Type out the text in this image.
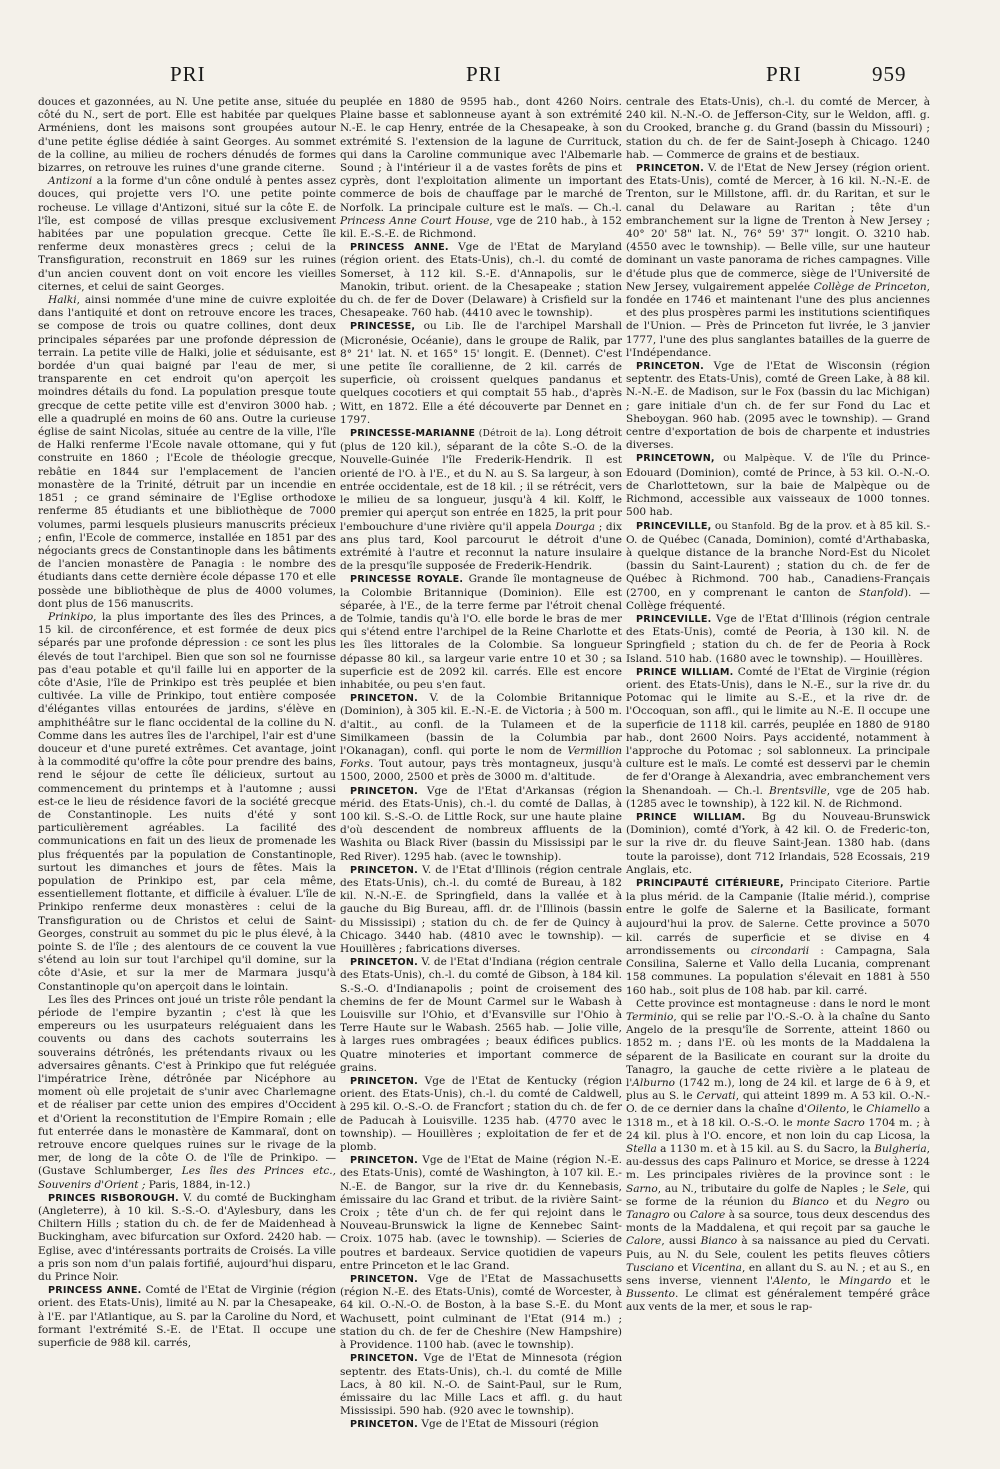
PRI	PRI	PRI	959

douces et gazonnées, au N. Une petite anse, située du côté du N., sert de port. Elle est habitée par quelques Arméniens, dont les maisons sont groupées autour d'une petite église dédiée à saint Georges. Au sommet de la colline, au milieu de rochers dénudés de formes bizarres, on retrouve les ruines d'une grande citerne.

Antizoni a la forme d'un cône ondulé à pentes assez douces, qui projette vers l'O. une petite pointe rocheuse. Le village d'Antizoni, situé sur la côte E. de l'île, est composé de villas presque exclusivement habitées par une population grecque. Cette île renferme deux monastères grecs ; celui de la Transfiguration, reconstruit en 1869 sur les ruines d'un ancien couvent dont on voit encore les vieilles citernes, et celui de saint Georges.

Halki, ainsi nommée d'une mine de cuivre exploitée dans l'antiquité et dont on retrouve encore les traces, se compose de trois ou quatre collines, dont deux principales séparées par une profonde dépression de terrain. La petite ville de Halki, jolie et séduisante, est bordée d'un quai baigné par l'eau de mer, si transparente en cet endroit qu'on aperçoit les moindres détails du fond. La population presque toute grecque de cette petite ville est d'environ 3000 hab. ; elle a quadruplé en moins de 60 ans. Outre la curieuse église de saint Nicolas, située au centre de la ville, l'île de Halki renferme l'Ecole navale ottomane, qui y fut construite en 1860 ; l'Ecole de théologie grecque, rebâtie en 1844 sur l'emplacement de l'ancien monastère de la Trinité, détruit par un incendie en 1851 ; ce grand séminaire de l'Eglise orthodoxe renferme 85 étudiants et une bibliothèque de 7000 volumes, parmi lesquels plusieurs manuscrits précieux ; enfin, l'Ecole de commerce, installée en 1851 par des négociants grecs de Constantinople dans les bâtiments de l'ancien monastère de Panagia : le nombre des étudiants dans cette dernière école dépasse 170 et elle possède une bibliothèque de plus de 4000 volumes, dont plus de 156 manuscrits.

Prinkipo, la plus importante des îles des Princes, a 15 kil. de circonférence, et est formée de deux pics séparés par une profonde dépression : ce sont les plus élevés de tout l'archipel. Bien que son sol ne fournisse pas d'eau potable et qu'il faille lui en apporter de la côte d'Asie, l'île de Prinkipo est très peuplée et bien cultivée. La ville de Prinkipo, tout entière composée d'élégantes villas entourées de jardins, s'élève en amphithéâtre sur le flanc occidental de la colline du N. Comme dans les autres îles de l'archipel, l'air est d'une douceur et d'une pureté extrêmes. Cet avantage, joint à la commodité qu'offre la côte pour prendre des bains, rend le séjour de cette île délicieux, surtout au commencement du printemps et à l'automne ; aussi est-ce le lieu de résidence favori de la société grecque de Constantinople. Les nuits d'été y sont particulièrement agréables. La facilité des communications en fait un des lieux de promenade les plus fréquentés par la population de Constantinople, surtout les dimanches et jours de fêtes. Mais la population de Prinkipo est, par cela même, essentiellement flottante, et difficile à évaluer. L'île de Prinkipo renferme deux monastères : celui de la Transfiguration ou de Christos et celui de Saint-Georges, construit au sommet du pic le plus élevé, à la pointe S. de l'île ; des alentours de ce couvent la vue s'étend au loin sur tout l'archipel qu'il domine, sur la côte d'Asie, et sur la mer de Marmara jusqu'à Constantinople qu'on aperçoit dans le lointain.

Les îles des Princes ont joué un triste rôle pendant la période de l'empire byzantin ; c'est là que les empereurs ou les usurpateurs reléguaient dans les couvents ou dans des cachots souterrains les souverains détrônés, les prétendants rivaux ou les adversaires gênants. C'est à Prinkipo que fut reléguée l'impératrice Irène, détrônée par Nicéphore au moment où elle projetait de s'unir avec Charlemagne et de réaliser par cette union des empires d'Occident et d'Orient la reconstitution de l'Empire Romain ; elle fut enterrée dans le monastère de Kammaraï, dont on retrouve encore quelques ruines sur le rivage de la mer, de long de la côte O. de l'île de Prinkipo. — (Gustave Schlumberger, Les îles des Princes etc., Souvenirs d'Orient ; Paris, 1884, in-12.)

PRINCES RISBOROUGH. V. du comté de Buckingham (Angleterre), à 10 kil. S.-S.-O. d'Aylesbury, dans les Chiltern Hills ; station du ch. de fer de Maidenhead à Buckingham, avec bifurcation sur Oxford. 2420 hab. — Eglise, avec d'intéressants portraits de Croisés. La ville a pris son nom d'un palais fortifié, aujourd'hui disparu, du Prince Noir.

PRINCESS ANNE. Comté de l'Etat de Virginie (région orient. des Etats-Unis), limité au N. par la Chesapeake, à l'E. par l'Atlantique, au S. par la Caroline du Nord, et formant l'extrémité S.-E. de l'Etat. Il occupe une superficie de 988 kil. carrés,

peuplée en 1880 de 9595 hab., dont 4260 Noirs. Plaine basse et sablonneuse ayant à son extrémité N.-E. le cap Henry, entrée de la Chesapeake, à son extrémité S. l'extension de la lagune de Currituck, qui dans la Caroline communique avec l'Albemarle Sound ; à l'intérieur il a de vastes forêts de pins et cyprès, dont l'exploitation alimente un important commerce de bois de chauffage par le marché de Norfolk. La principale culture est le maïs. — Ch.-l. Princess Anne Court House, vge de 210 hab., à 152 kil. E.-S.-E. de Richmond.

PRINCESS ANNE. Vge de l'Etat de Maryland (région orient. des Etats-Unis), ch.-l. du comté de Somerset, à 112 kil. S.-E. d'Annapolis, sur le Manokin, tribut. orient. de la Chesapeake ; station du ch. de fer de Dover (Delaware) à Crisfield sur la Chesapeake. 760 hab. (4410 avec le township).

PRINCESSE, ou Lib. Ile de l'archipel Marshall (Micronésie, Océanie), dans le groupe de Ralik, par 8° 21' lat. N. et 165° 15' longit. E. (Dennet). C'est une petite île corallienne, de 2 kil. carrés de superficie, où croissent quelques pandanus et quelques cocotiers et qui comptait 55 hab., d'après Witt, en 1872. Elle a été découverte par Dennet en 1797.

PRINCESSE-MARIANNE (Détroit de la). Long détroit (plus de 120 kil.), séparant de la côte S.-O. de la Nouvelle-Guinée l'île Frederik-Hendrik. Il est orienté de l'O. à l'E., et du N. au S. Sa largeur, à son entrée occidentale, est de 18 kil. ; il se rétrécit, vers le milieu de sa longueur, jusqu'à 4 kil. Kolff, le premier qui aperçut son entrée en 1825, la prit pour l'embouchure d'une rivière qu'il appela Dourga ; dix ans plus tard, Kool parcourut le détroit d'une extrémité à l'autre et reconnut la nature insulaire de la presqu'île supposée de Frederik-Hendrik.

PRINCESSE ROYALE. Grande île montagneuse de la Colombie Britannique (Dominion). Elle est séparée, à l'E., de la terre ferme par l'étroit chenal de Tolmie, tandis qu'à l'O. elle borde le bras de mer qui s'étend entre l'archipel de la Reine Charlotte et les îles littorales de la Colombie. Sa longueur dépasse 80 kil., sa largeur varie entre 10 et 30 ; sa superficie est de 2092 kil. carrés. Elle est encore inhabitée, ou peu s'en faut.

PRINCETON. V. de la Colombie Britannique (Dominion), à 305 kil. E.-N.-E. de Victoria ; à 500 m. d'altit., au confl. de la Tulameen et de la Similkameen (bassin de la Columbia par l'Okanagan), confl. qui porte le nom de Vermillion Forks. Tout autour, pays très montagneux, jusqu'à 1500, 2000, 2500 et près de 3000 m. d'altitude.

PRINCETON. Vge de l'Etat d'Arkansas (région mérid. des Etats-Unis), ch.-l. du comté de Dallas, à 100 kil. S.-S.-O. de Little Rock, sur une haute plaine d'où descendent de nombreux affluents de la Washita ou Black River (bassin du Mississipi par le Red River). 1295 hab. (avec le township).

PRINCETON. V. de l'Etat d'Illinois (région centrale des Etats-Unis), ch.-l. du comté de Bureau, à 182 kil. N.-N.-E. de Springfield, dans la vallée et à gauche du Big Bureau, affl. dr. de l'Illinois (bassin du Mississipi) ; station du ch. de fer de Quincy à Chicago. 3440 hab. (4810 avec le township). — Houillères ; fabrications diverses.

PRINCETON. V. de l'Etat d'Indiana (région centrale des Etats-Unis), ch.-l. du comté de Gibson, à 184 kil. S.-S.-O. d'Indianapolis ; point de croisement des chemins de fer de Mount Carmel sur le Wabash à Louisville sur l'Ohio, et d'Evansville sur l'Ohio à Terre Haute sur le Wabash. 2565 hab. — Jolie ville, à larges rues ombragées ; beaux édifices publics. Quatre minoteries et important commerce de grains.

PRINCETON. Vge de l'Etat de Kentucky (région orient. des Etats-Unis), ch.-l. du comté de Caldwell, à 295 kil. O.-S.-O. de Francfort ; station du ch. de fer de Paducah à Louisville. 1235 hab. (4770 avec le township). — Houillères ; exploitation de fer et de plomb.

PRINCETON. Vge de l'Etat de Maine (région N.-E. des Etats-Unis), comté de Washington, à 107 kil. E.-N.-E. de Bangor, sur la rive dr. du Kennebasis, émissaire du lac Grand et tribut. de la rivière Saint-Croix ; tête d'un ch. de fer qui rejoint dans le Nouveau-Brunswick la ligne de Kennebec Saint-Croix. 1075 hab. (avec le township). — Scieries de poutres et bardeaux. Service quotidien de vapeurs entre Princeton et le lac Grand.

PRINCETON. Vge de l'Etat de Massachusetts (région N.-E. des Etats-Unis), comté de Worcester, à 64 kil. O.-N.-O. de Boston, à la base S.-E. du Mont Wachusett, point culminant de l'Etat (914 m.) ; station du ch. de fer de Cheshire (New Hampshire) à Providence. 1100 hab. (avec le township).

PRINCETON. Vge de l'Etat de Minnesota (région septentr. des Etats-Unis), ch.-l. du comté de Mille Lacs, à 80 kil. N.-O. de Saint-Paul, sur le Rum, émissaire du lac Mille Lacs et affl. g. du haut Mississipi. 590 hab. (920 avec le township).

PRINCETON. Vge de l'Etat de Missouri (région

centrale des Etats-Unis), ch.-l. du comté de Mercer, à 240 kil. N.-N.-O. de Jefferson-City, sur le Weldon, affl. g. du Crooked, branche g. du Grand (bassin du Missouri) ; station du ch. de fer de Saint-Joseph à Chicago. 1240 hab. — Commerce de grains et de bestiaux.

PRINCETON. V. de l'Etat de New Jersey (région orient. des Etats-Unis), comté de Mercer, à 16 kil. N.-N.-E. de Trenton, sur le Millstone, affl. dr. du Raritan, et sur le canal du Delaware au Raritan ; tête d'un embranchement sur la ligne de Trenton à New Jersey ; 40° 20' 58" lat. N., 76° 59' 37" longit. O. 3210 hab. (4550 avec le township). — Belle ville, sur une hauteur dominant un vaste panorama de riches campagnes. Ville d'étude plus que de commerce, siège de l'Université de New Jersey, vulgairement appelée Collège de Princeton, fondée en 1746 et maintenant l'une des plus anciennes et des plus prospères parmi les institutions scientifiques de l'Union. — Près de Princeton fut livrée, le 3 janvier 1777, l'une des plus sanglantes batailles de la guerre de l'Indépendance.

PRINCETON. Vge de l'Etat de Wisconsin (région septentr. des Etats-Unis), comté de Green Lake, à 88 kil. N.-N.-E. de Madison, sur le Fox (bassin du lac Michigan) ; gare initiale d'un ch. de fer sur Fond du Lac et Sheboygan. 960 hab. (2095 avec le township). — Grand centre d'exportation de bois de charpente et industries diverses.

PRINCETOWN, ou Malpèque. V. de l'île du Prince-Edouard (Dominion), comté de Prince, à 53 kil. O.-N.-O. de Charlottetown, sur la baie de Malpèque ou de Richmond, accessible aux vaisseaux de 1000 tonnes. 500 hab.

PRINCEVILLE, ou Stanfold. Bg de la prov. et à 85 kil. S.-O. de Québec (Canada, Dominion), comté d'Arthabaska, à quelque distance de la branche Nord-Est du Nicolet (bassin du Saint-Laurent) ; station du ch. de fer de Québec à Richmond. 700 hab., Canadiens-Français (2700, en y comprenant le canton de Stanfold). — Collège fréquenté.

PRINCEVILLE. Vge de l'Etat d'Illinois (région centrale des Etats-Unis), comté de Peoria, à 130 kil. N. de Springfield ; station du ch. de fer de Peoria à Rock Island. 510 hab. (1680 avec le township). — Houillères.

PRINCE WILLIAM. Comté de l'Etat de Virginie (région orient. des Etats-Unis), dans le N.-E., sur la rive dr. du Potomac qui le limite au S.-E., et la rive dr. de l'Occoquan, son affl., qui le limite au N.-E. Il occupe une superficie de 1118 kil. carrés, peuplée en 1880 de 9180 hab., dont 2600 Noirs. Pays accidenté, notamment à l'approche du Potomac ; sol sablonneux. La principale culture est le maïs. Le comté est desservi par le chemin de fer d'Orange à Alexandria, avec embranchement vers la Shenandoah. — Ch.-l. Brentsville, vge de 205 hab. (1285 avec le township), à 122 kil. N. de Richmond.

PRINCE WILLIAM. Bg du Nouveau-Brunswick (Dominion), comté d'York, à 42 kil. O. de Frederic-ton, sur la rive dr. du fleuve Saint-Jean. 1380 hab. (dans toute la paroisse), dont 712 Irlandais, 528 Ecossais, 219 Anglais, etc.

PRINCIPAUTÉ CITÉRIEURE, Principato Citeriore. Partie la plus mérid. de la Campanie (Italie mérid.), comprise entre le golfe de Salerne et la Basilicate, formant aujourd'hui la prov. de Salerne. Cette province a 5070 kil. carrés de superficie et se divise en 4 arrondissements ou circondarii : Campagna, Sala Consilina, Salerne et Vallo della Lucania, comprenant 158 communes. La population s'élevait en 1881 à 550 160 hab., soit plus de 108 hab. par kil. carré.

Cette province est montagneuse : dans le nord le mont Terminio, qui se relie par l'O.-S.-O. à la chaîne du Santo Angelo de la presqu'île de Sorrente, atteint 1860 ou 1852 m. ; dans l'E. où les monts de la Maddalena la séparent de la Basilicate en courant sur la droite du Tanagro, la gauche de cette rivière a le plateau de l'Alburno (1742 m.), long de 24 kil. et large de 6 à 9, et plus au S. le Cervati, qui atteint 1899 m. A 53 kil. O.-N.-O. de ce dernier dans la chaîne d'Oilento, le Chiamello a 1318 m., et à 18 kil. O.-S.-O. le monte Sacro 1704 m. ; à 24 kil. plus à l'O. encore, et non loin du cap Licosa, la Stella a 1130 m. et à 15 kil. au S. du Sacro, la Bulgheria, au-dessus des caps Palinuro et Morice, se dresse à 1224 m. Les principales rivières de la province sont : le Sarno, au N., tributaire du golfe de Naples ; le Sele, qui se forme de la réunion du Bianco et du Negro ou Tanagro ou Calore à sa source, tous deux descendus des monts de la Maddalena, et qui reçoit par sa gauche le Calore, aussi Bianco à sa naissance au pied du Cervati. Puis, au N. du Sele, coulent les petits fleuves côtiers Tusciano et Vicentina, en allant du S. au N. ; et au S., en sens inverse, viennent l'Alento, le Mingardo et le Bussento. Le climat est généralement tempéré grâce aux vents de la mer, et sous le rap-
